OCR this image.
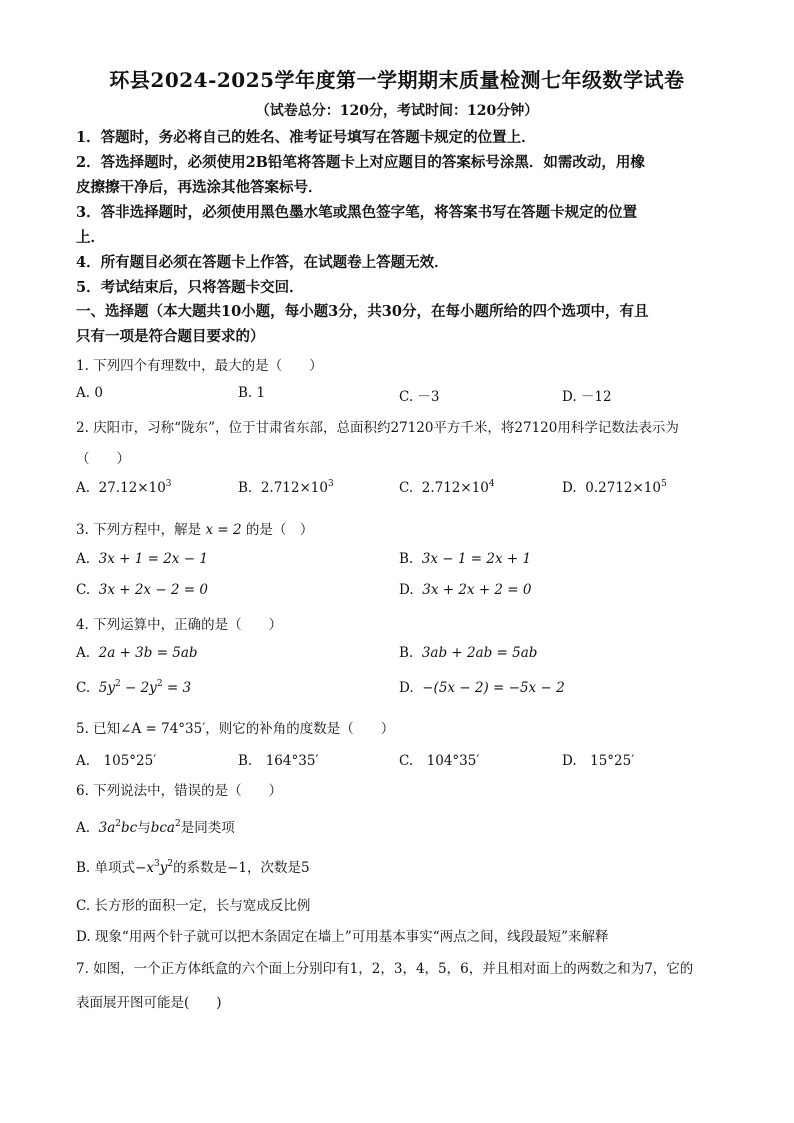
环县2024-2025学年度第一学期期末质量检测七年级数学试卷
（试卷总分：120分，考试时间：120分钟）
1．答题时，务必将自己的姓名、准考证号填写在答题卡规定的位置上．
2．答选择题时，必须使用2B铅笔将答题卡上对应题目的答案标号涂黑．如需改动，用橡
皮擦擦干净后，再选涂其他答案标号．
3．答非选择题时，必须使用黑色墨水笔或黑色签字笔，将答案书写在答题卡规定的位置
上．
4．所有题目必须在答题卡上作答，在试题卷上答题无效．
5．考试结束后，只将答题卡交回．
一、选择题（本大题共10小题，每小题3分，共30分，在每小题所给的四个选项中，有且
只有一项是符合题目要求的）
1. 下列四个有理数中，最大的是（　　）
A. 0	B. 1	C. －3	D. －12
2. 庆阳市，习称“陇东”，位于甘肃省东部，总面积约27120平方千米，将27120用科学记数法表示为
（　　）
A. $27.12\times 10^3$	B. $2.712\times 10^3$	C. $2.712\times 10^4$	D. $0.2712\times 10^5$
3. 下列方程中，解是 x = 2 的是（　）
A. 3x + 1 = 2x − 1	B. 3x − 1 = 2x + 1
C. 3x + 2x − 2 = 0	D. 3x + 2x + 2 = 0
4. 下列运算中，正确的是（　　）
A. 2a + 3b = 5ab	B. 3ab + 2ab = 5ab
C. $5y^2 - 2y^2 = 3$	D. −(5x − 2) = −5x − 2
5. 已知∠A = 74°35′，则它的补角的度数是（　　）
A.　105°25′	B.　164°35′	C.　104°35′	D.　15°25′
6. 下列说法中，错误的是（　　）
A. $3a^2bc$与bca$^2$是同类项
B. 单项式$-x^3y^2$的系数是−1，次数是5
C. 长方形的面积一定，长与宽成反比例
D. 现象“用两个针子就可以把木条固定在墙上”可用基本事实“两点之间，线段最短”来解释
7. 如图，一个正方体纸盒的六个面上分别印有1，2，3，4，5，6，并且相对面上的两数之和为7，它的
表面展开图可能是(　　)
